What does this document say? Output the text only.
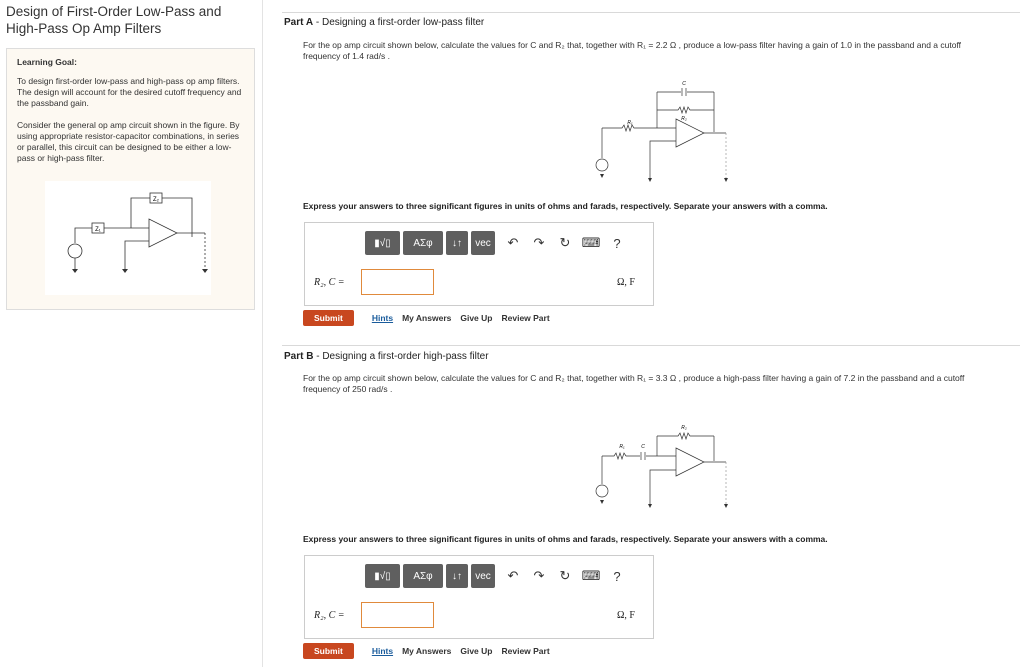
Design of First-Order Low-Pass and High-Pass Op Amp Filters
Learning Goal:
To design first-order low-pass and high-pass op amp filters. The design will account for the desired cutoff frequency and the passband gain.
Consider the general op amp circuit shown in the figure. By using appropriate resistor-capacitor combinations, in series or parallel, this circuit can be designed to be either a low-pass or high-pass filter.
Z₂
Z₁
Part A - Designing a first-order low-pass filter
For the op amp circuit shown below, calculate the values for C and R₂ that, together with R₁ = 2.2 Ω , produce a low-pass filter having a gain of 1.0 in the passband and a cutoff frequency of 1.4 rad/s .
C
R₂
R₁
Express your answers to three significant figures in units of ohms and farads, respectively. Separate your answers with a comma.
▮√▯	ΑΣφ	↓↑	vec	↶	↷	↻ ⌨	?
R₂, C =	Ω, F
Submit	Hints My Answers Give Up Review Part
Part B - Designing a first-order high-pass filter
For the op amp circuit shown below, calculate the values for C and R₂ that, together with R₁ = 3.3 Ω , produce a high-pass filter having a gain of 7.2 in the passband and a cutoff frequency of 250 rad/s .
R₂
R₁	C
Express your answers to three significant figures in units of ohms and farads, respectively. Separate your answers with a comma.
▮√▯	ΑΣφ	↓↑	vec	↶	↷	↻ ⌨	?
R₂, C =	Ω, F
Submit	Hints My Answers Give Up Review Part
